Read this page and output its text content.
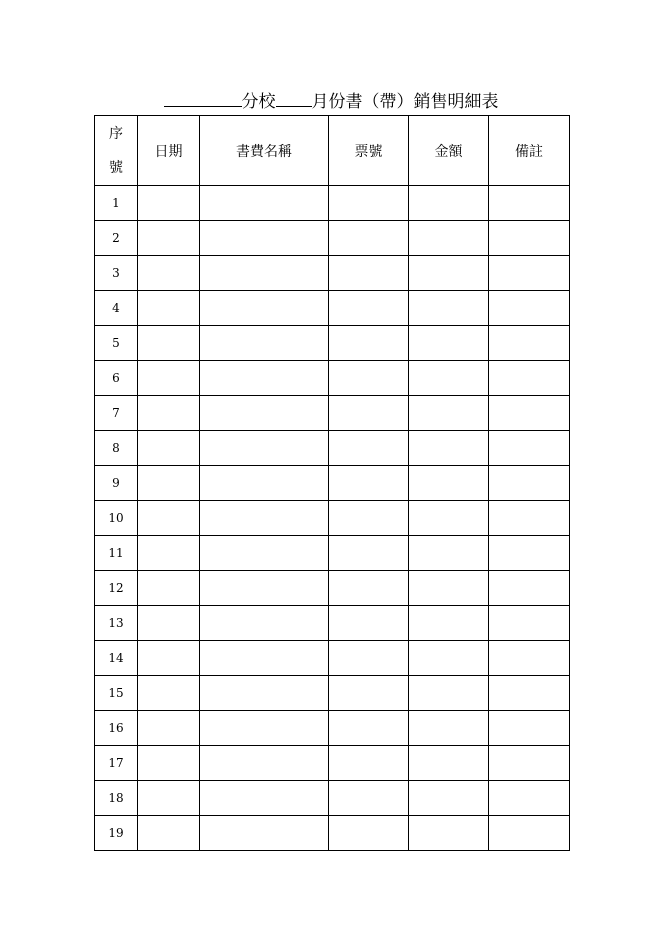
分校 月份書（帶）銷售明細表
序
號	日期	書費名稱	票號	金額	備註
1					
2					
3					
4					
5					
6					
7					
8					
9					
10					
11					
12					
13					
14					
15					
16					
17					
18					
19					
